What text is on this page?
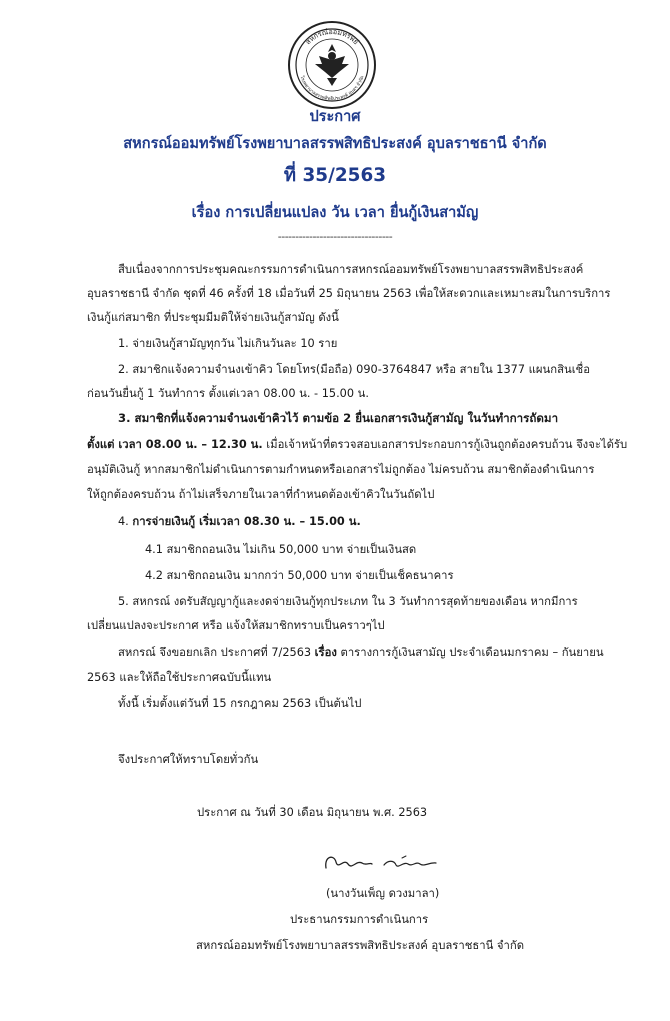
สหกรณ์ออมทรัพย์
โรงพยาบาลสรรพสิทธิประสงค์ อุบลฯ จำกัด
ประกาศ
สหกรณ์ออมทรัพย์โรงพยาบาลสรรพสิทธิประสงค์ อุบลราชธานี จำกัด
ที่ 35/2563
เรื่อง การเปลี่ยนแปลง วัน เวลา ยื่นกู้เงินสามัญ
---------------------------------
สืบเนื่องจากการประชุมคณะกรรมการดำเนินการสหกรณ์ออมทรัพย์โรงพยาบาลสรรพสิทธิประสงค์
อุบลราชธานี จำกัด ชุดที่ 46 ครั้งที่ 18 เมื่อวันที่ 25 มิถุนายน 2563 เพื่อให้สะดวกและเหมาะสมในการบริการ
เงินกู้แก่สมาชิก ที่ประชุมมีมติให้จ่ายเงินกู้สามัญ ดังนี้
1. จ่ายเงินกู้สามัญทุกวัน ไม่เกินวันละ 10 ราย
2. สมาชิกแจ้งความจำนงเข้าคิว โดยโทร(มือถือ) 090-3764847 หรือ สายใน 1377 แผนกสินเชื่อ
ก่อนวันยื่นกู้ 1 วันทำการ ตั้งแต่เวลา 08.00 น. - 15.00 น.
3. สมาชิกที่แจ้งความจำนงเข้าคิวไว้ ตามข้อ 2 ยื่นเอกสารเงินกู้สามัญ ในวันทำการถัดมา
ตั้งแต่ เวลา 08.00 น. – 12.30 น. เมื่อเจ้าหน้าที่ตรวจสอบเอกสารประกอบการกู้เงินถูกต้องครบถ้วน จึงจะได้รับ
อนุมัติเงินกู้ หากสมาชิกไม่ดำเนินการตามกำหนดหรือเอกสารไม่ถูกต้อง ไม่ครบถ้วน สมาชิกต้องดำเนินการ
ให้ถูกต้องครบถ้วน ถ้าไม่เสร็จภายในเวลาที่กำหนดต้องเข้าคิวในวันถัดไป
4. การจ่ายเงินกู้ เริ่มเวลา 08.30 น. – 15.00 น.
4.1 สมาชิกถอนเงิน ไม่เกิน 50,000 บาท จ่ายเป็นเงินสด
4.2 สมาชิกถอนเงิน มากกว่า 50,000 บาท จ่ายเป็นเช็คธนาคาร
5. สหกรณ์ งดรับสัญญากู้และงดจ่ายเงินกู้ทุกประเภท ใน 3 วันทำการสุดท้ายของเดือน หากมีการ
เปลี่ยนแปลงจะประกาศ หรือ แจ้งให้สมาชิกทราบเป็นคราวๆไป
สหกรณ์ จึงขอยกเลิก ประกาศที่ 7/2563 เรื่อง ตารางการกู้เงินสามัญ ประจำเดือนมกราคม – กันยายน
2563 และให้ถือใช้ประกาศฉบับนี้แทน
ทั้งนี้ เริ่มตั้งแต่วันที่ 15 กรกฎาคม 2563 เป็นต้นไป
จึงประกาศให้ทราบโดยทั่วกัน
ประกาศ ณ วันที่ 30 เดือน มิถุนายน พ.ศ. 2563
(นางวันเพ็ญ ดวงมาลา)
ประธานกรรมการดำเนินการ
สหกรณ์ออมทรัพย์โรงพยาบาลสรรพสิทธิประสงค์ อุบลราชธานี จำกัด
